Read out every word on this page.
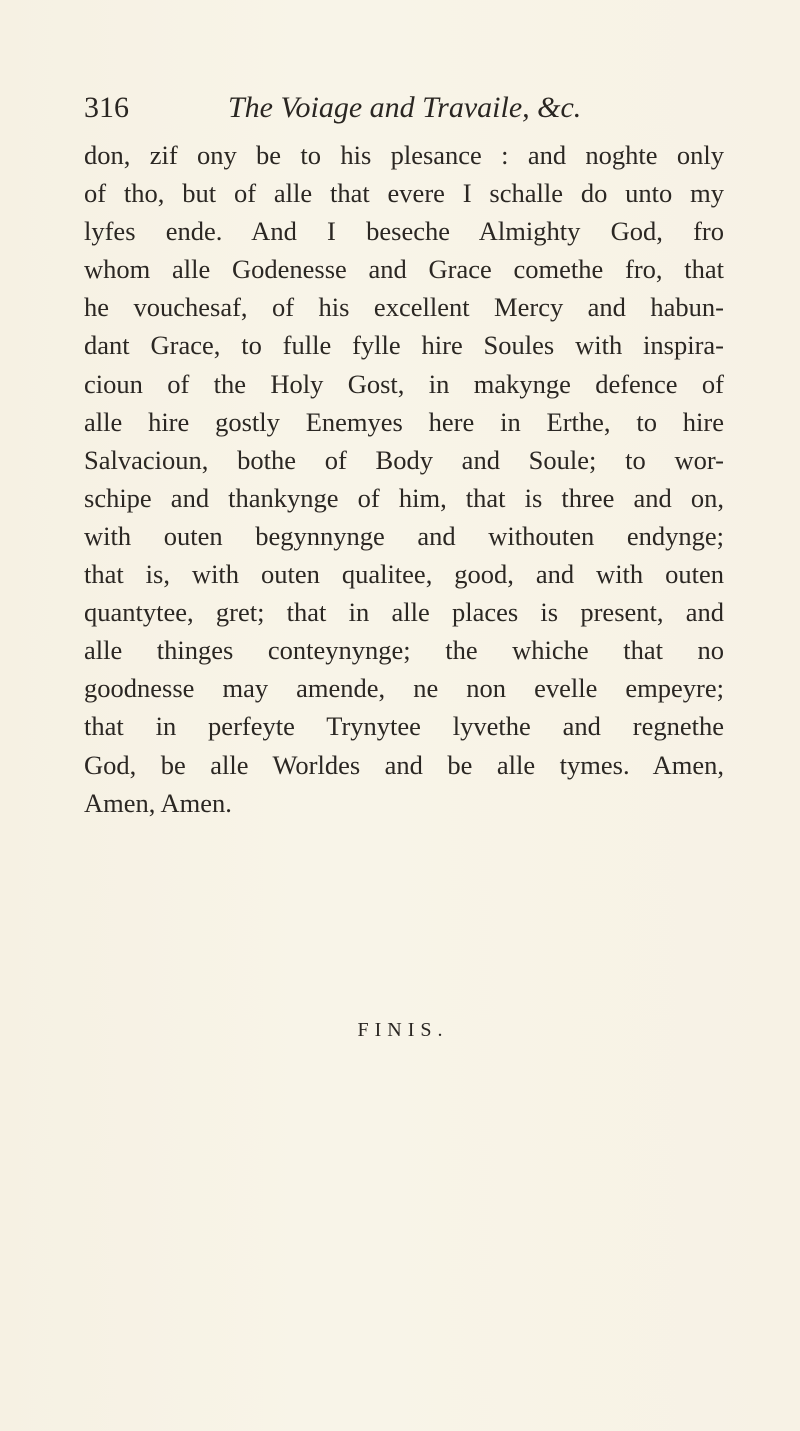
316	The Voiage and Travaile, &c.
don, zif ony be to his plesance : and noghte only
of tho, but of alle that evere I schalle do unto my
lyfes ende. And I beseche Almighty God, fro
whom alle Godenesse and Grace comethe fro, that
he vouchesaf, of his excellent Mercy and habun-
dant Grace, to fulle fylle hire Soules with inspira-
cioun of the Holy Gost, in makynge defence of
alle hire gostly Enemyes here in Erthe, to hire
Salvacioun, bothe of Body and Soule; to wor-
schipe and thankynge of him, that is three and on,
with outen begynnynge and withouten endynge;
that is, with outen qualitee, good, and with outen
quantytee, gret; that in alle places is present, and
alle thinges conteynynge; the whiche that no
goodnesse may amende, ne non evelle empeyre;
that in perfeyte Trynytee lyvethe and regnethe
God, be alle Worldes and be alle tymes. Amen,
Amen, Amen.
FINIS.
